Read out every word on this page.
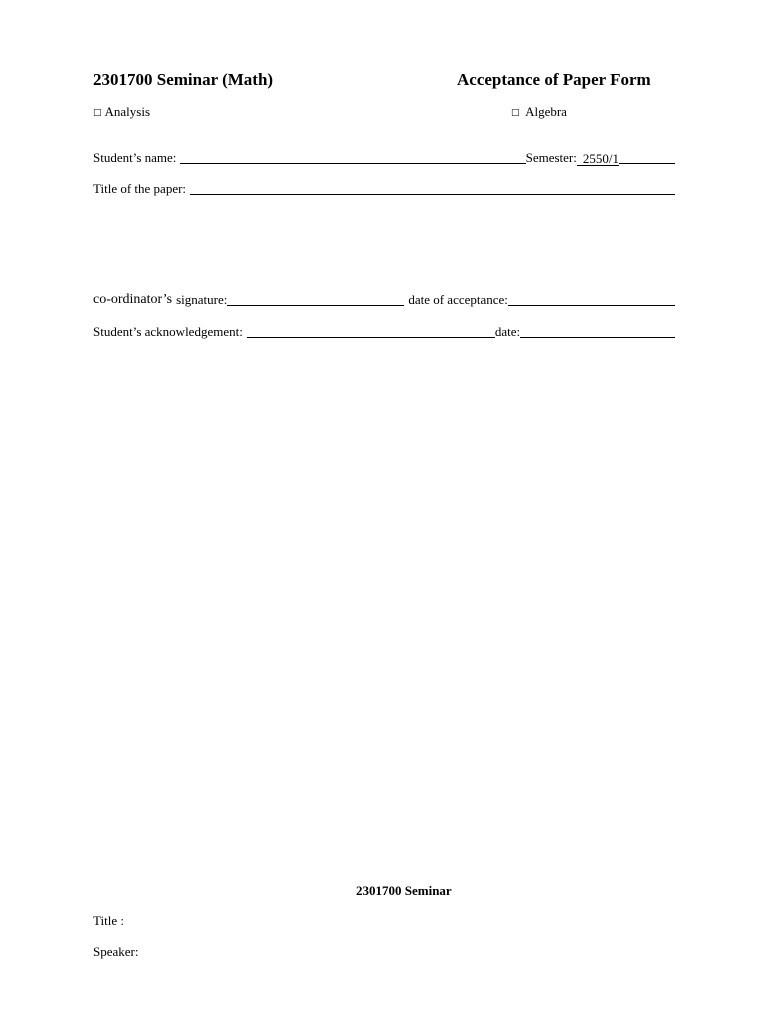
2301700 Seminar (Math)	Acceptance of Paper Form
□ Analysis	□ Algebra
Student’s name:	Semester: 2550/1
Title of the paper:
co-ordinator’s signature:	date of acceptance:
Student’s acknowledgement:	date:
2301700 Seminar
Title :
Speaker:
